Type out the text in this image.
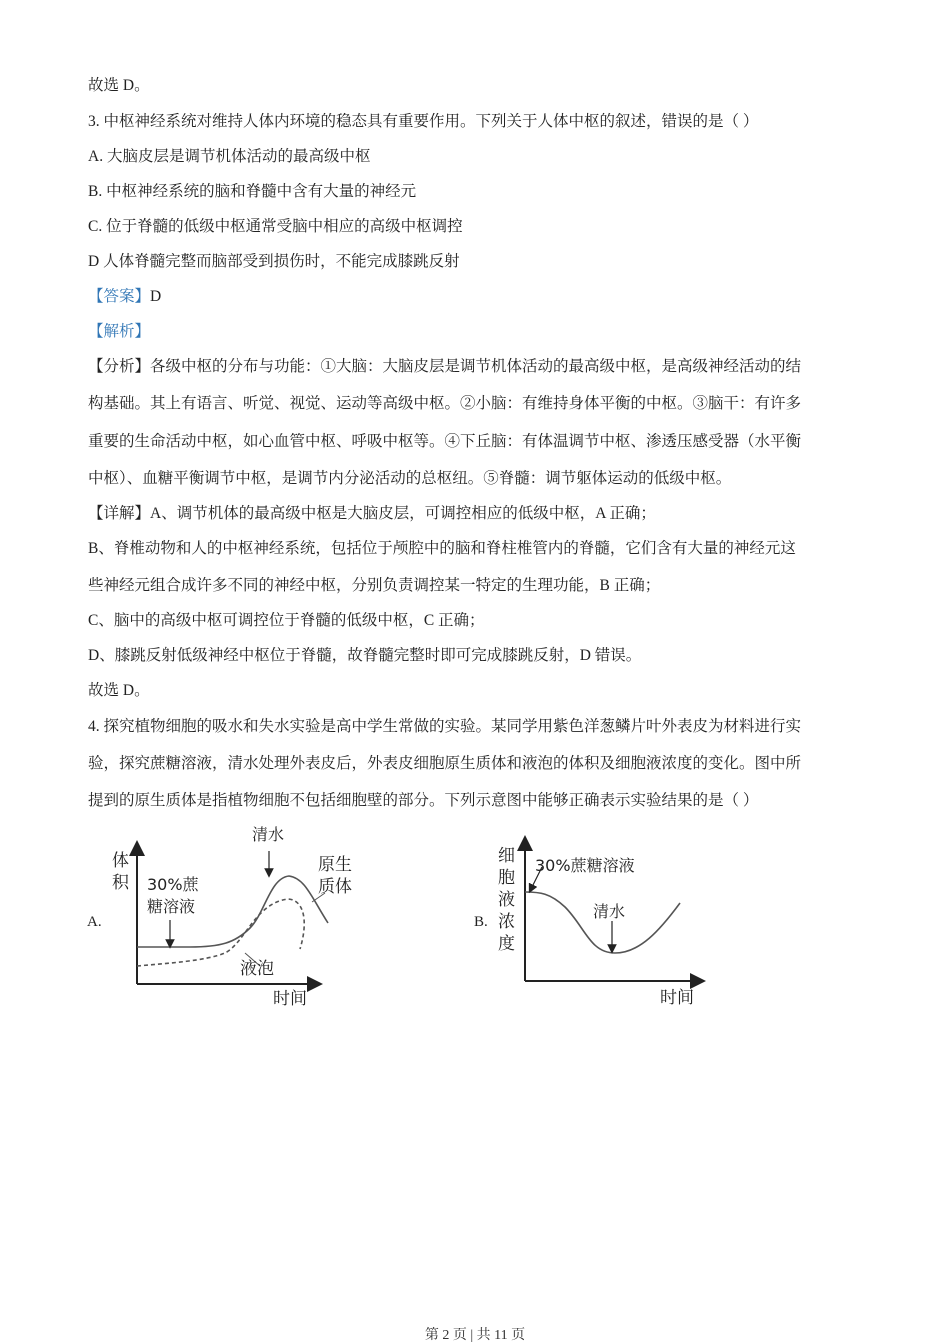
故选 D。
3. 中枢神经系统对维持人体内环境的稳态具有重要作用。下列关于人体中枢的叙述，错误的是（ ）
A. 大脑皮层是调节机体活动的最高级中枢
B. 中枢神经系统的脑和脊髓中含有大量的神经元
C. 位于脊髓的低级中枢通常受脑中相应的高级中枢调控
D 人体脊髓完整而脑部受到损伤时，不能完成膝跳反射
【答案】D
【解析】
【分析】各级中枢的分布与功能：①大脑：大脑皮层是调节机体活动的最高级中枢，是高级神经活动的结
构基础。其上有语言、听觉、视觉、运动等高级中枢。②小脑：有维持身体平衡的中枢。③脑干：有许多
重要的生命活动中枢，如心血管中枢、呼吸中枢等。④下丘脑：有体温调节中枢、渗透压感受器（水平衡
中枢）、血糖平衡调节中枢，是调节内分泌活动的总枢纽。⑤脊髓：调节躯体运动的低级中枢。
【详解】A、调节机体的最高级中枢是大脑皮层，可调控相应的低级中枢，A 正确；
B、脊椎动物和人的中枢神经系统，包括位于颅腔中的脑和脊柱椎管内的脊髓，它们含有大量的神经元这
些神经元组合成许多不同的神经中枢，分别负责调控某一特定的生理功能，B 正确；
C、脑中的高级中枢可调控位于脊髓的低级中枢，C 正确；
D、膝跳反射低级神经中枢位于脊髓，故脊髓完整时即可完成膝跳反射，D 错误。
故选 D。
4. 探究植物细胞的吸水和失水实验是高中学生常做的实验。某同学用紫色洋葱鳞片叶外表皮为材料进行实
验，探究蔗糖溶液，清水处理外表皮后，外表皮细胞原生质体和液泡的体积及细胞液浓度的变化。图中所
提到的原生质体是指植物细胞不包括细胞壁的部分。下列示意图中能够正确表示实验结果的是（ ）
A.
体
积 30%蔗
糖溶液
清水
原生
质体
液泡
时间
B.
细
胞
液
浓
度
30%蔗糖溶液
清水
时间
第 2 页 | 共 11 页
